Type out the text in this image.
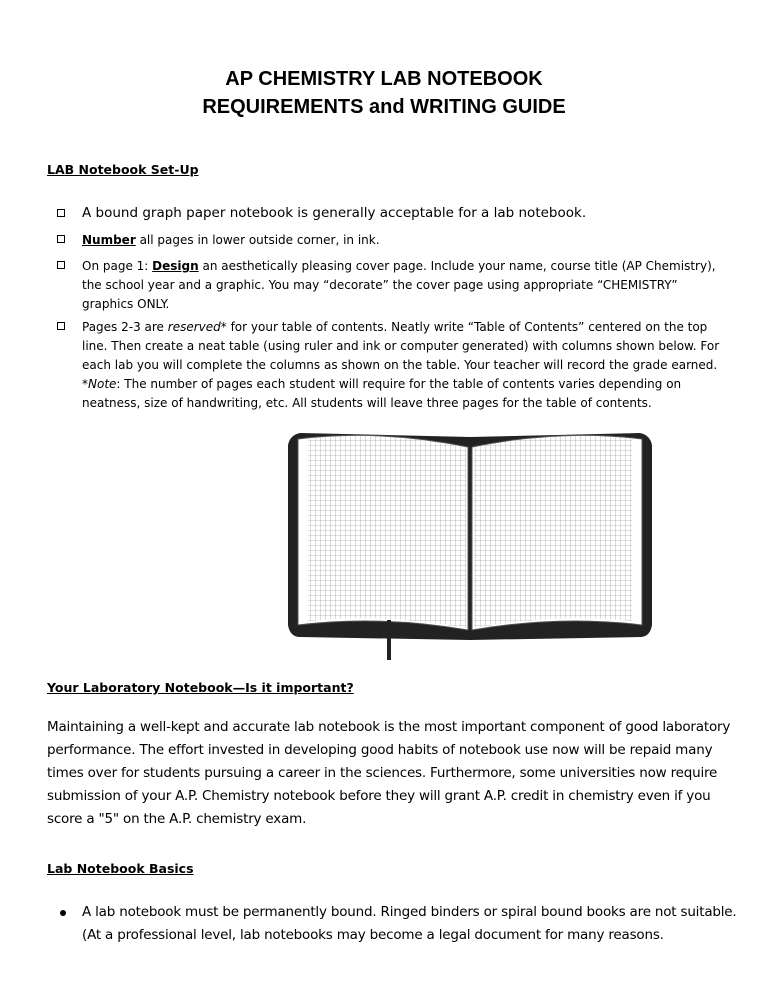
AP CHEMISTRY LAB NOTEBOOK
REQUIREMENTS and WRITING GUIDE
LAB Notebook Set-Up
A bound graph paper notebook is generally acceptable for a lab notebook.
Number all pages in lower outside corner, in ink.
On page 1: Design an aesthetically pleasing cover page. Include your name, course title (AP Chemistry), the school year and a graphic. You may “decorate” the cover page using appropriate “CHEMISTRY” graphics ONLY.
Pages 2-3 are reserved* for your table of contents. Neatly write “Table of Contents” centered on the top line. Then create a neat table (using ruler and ink or computer generated) with columns shown below. For each lab you will complete the columns as shown on the table. Your teacher will record the grade earned.
*Note: The number of pages each student will require for the table of contents varies depending on neatness, size of handwriting, etc. All students will leave three pages for the table of contents.
Your Laboratory Notebook—Is it important?
Maintaining a well-kept and accurate lab notebook is the most important component of good laboratory performance. The effort invested in developing good habits of notebook use now will be repaid many times over for students pursuing a career in the sciences. Furthermore, some universities now require submission of your A.P. Chemistry notebook before they will grant A.P. credit in chemistry even if you score a "5" on the A.P. chemistry exam.
Lab Notebook Basics
A lab notebook must be permanently bound. Ringed binders or spiral bound books are not suitable. (At a professional level, lab notebooks may become a legal document for many reasons.
